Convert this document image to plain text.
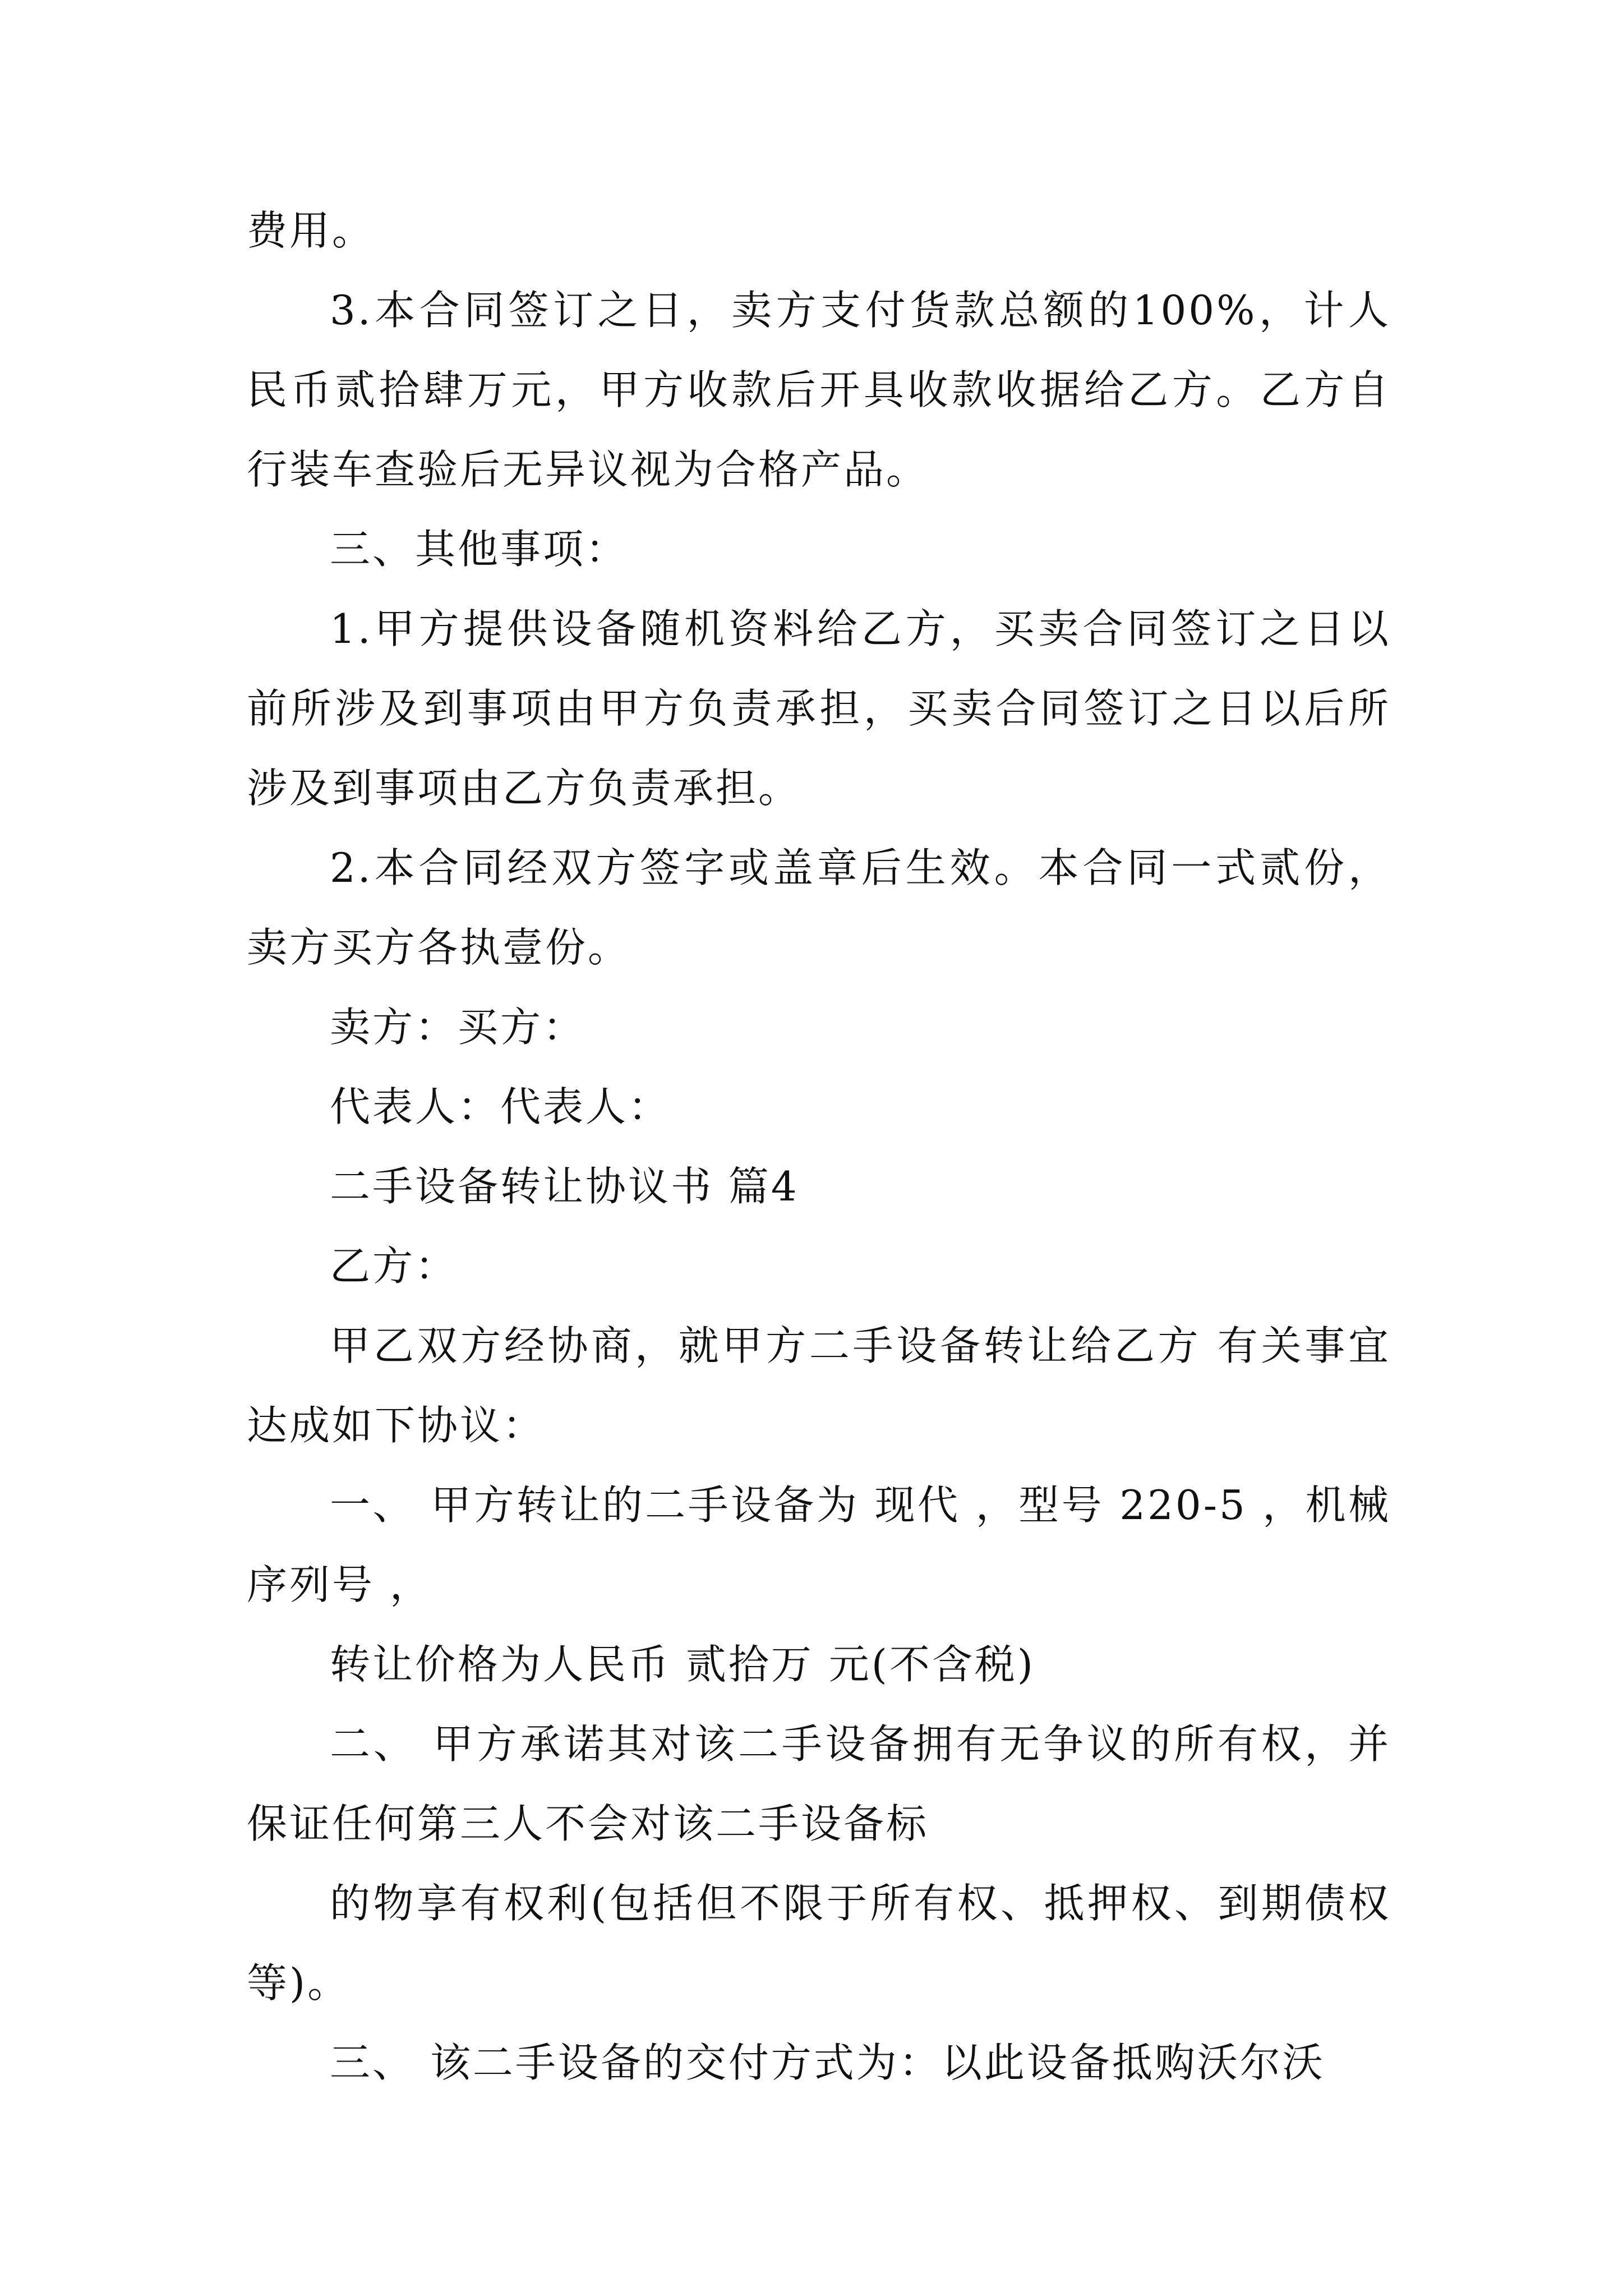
费用。

3.本合同签订之日，卖方支付货款总额的100%，计人民币贰拾肆万元，甲方收款后开具收款收据给乙方。乙方自行装车查验后无异议视为合格产品。

三、其他事项：

1.甲方提供设备随机资料给乙方，买卖合同签订之日以前所涉及到事项由甲方负责承担，买卖合同签订之日以后所涉及到事项由乙方负责承担。

2.本合同经双方签字或盖章后生效。本合同一式贰份，卖方买方各执壹份。

卖方：买方：

代表人：代表人：

二手设备转让协议书 篇4

乙方：

甲乙双方经协商，就甲方二手设备转让给乙方 有关事宜达成如下协议：

一、 甲方转让的二手设备为 现代 ，型号 220-5 ，机械序列号 ，

转让价格为人民币 贰拾万 元(不含税)

二、 甲方承诺其对该二手设备拥有无争议的所有权，并保证任何第三人不会对该二手设备标

的物享有权利(包括但不限于所有权、抵押权、到期债权等)。

三、 该二手设备的交付方式为：以此设备抵购沃尔沃
